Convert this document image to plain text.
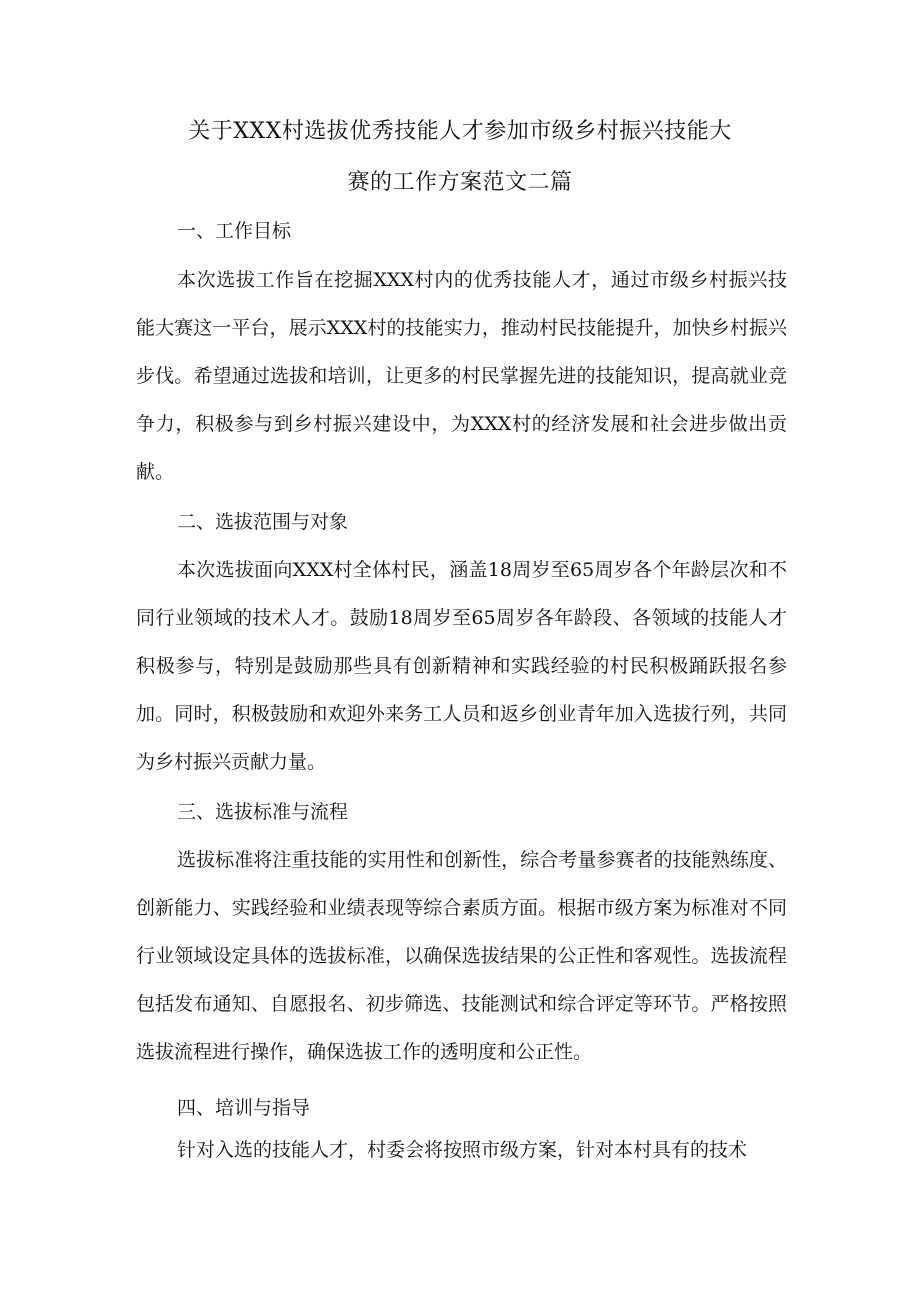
关于XXX村选拔优秀技能人才参加市级乡村振兴技能大
赛的工作方案范文二篇
一、工作目标
本次选拔工作旨在挖掘XXX村内的优秀技能人才，通过市级乡村振兴技能大赛这一平台，展示XXX村的技能实力，推动村民技能提升，加快乡村振兴步伐。希望通过选拔和培训，让更多的村民掌握先进的技能知识，提高就业竞争力，积极参与到乡村振兴建设中，为XXX村的经济发展和社会进步做出贡献。
二、选拔范围与对象
本次选拔面向XXX村全体村民，涵盖18周岁至65周岁各个年龄层次和不同行业领域的技术人才。鼓励18周岁至65周岁各年龄段、各领域的技能人才积极参与，特别是鼓励那些具有创新精神和实践经验的村民积极踊跃报名参加。同时，积极鼓励和欢迎外来务工人员和返乡创业青年加入选拔行列，共同为乡村振兴贡献力量。
三、选拔标准与流程
选拔标准将注重技能的实用性和创新性，综合考量参赛者的技能熟练度、创新能力、实践经验和业绩表现等综合素质方面。根据市级方案为标准对不同行业领域设定具体的选拔标准，以确保选拔结果的公正性和客观性。选拔流程包括发布通知、自愿报名、初步筛选、技能测试和综合评定等环节。严格按照选拔流程进行操作，确保选拔工作的透明度和公正性。
四、培训与指导
针对入选的技能人才，村委会将按照市级方案，针对本村具有的技术
